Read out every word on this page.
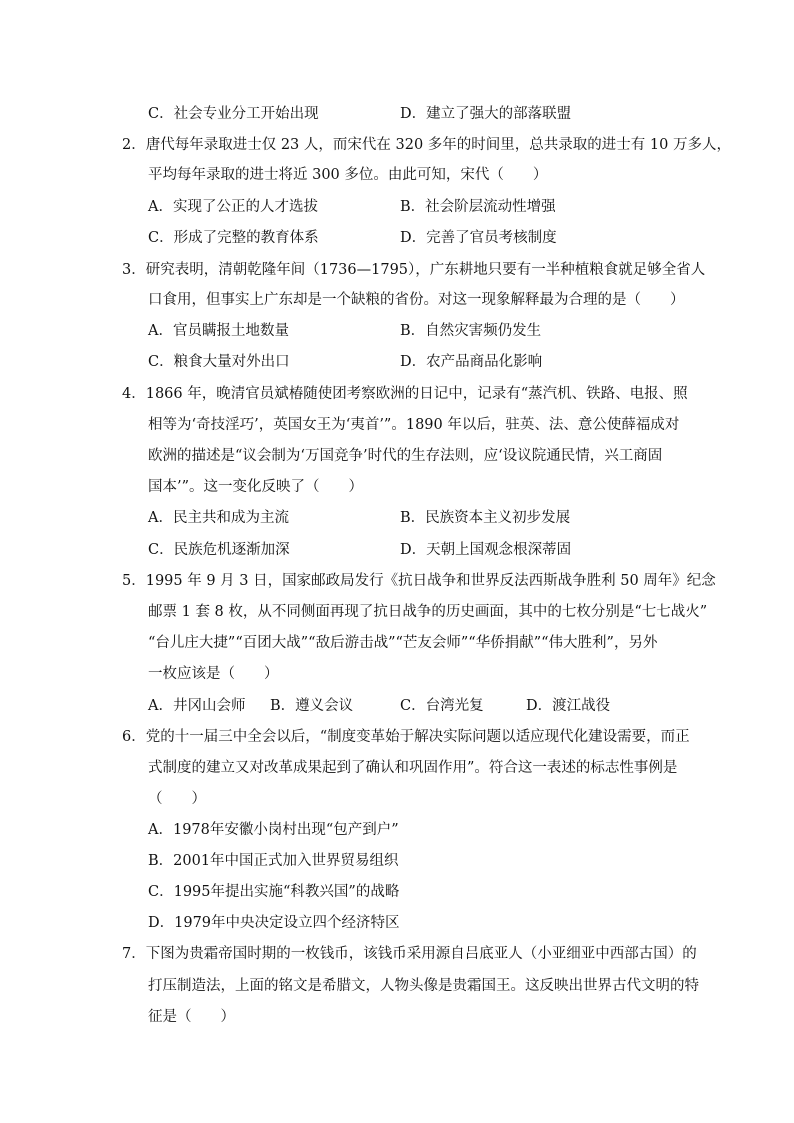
C．社会专业分工开始出现	D．建立了强大的部落联盟
2．唐代每年录取进士仅 23 人，而宋代在 320 多年的时间里，总共录取的进士有 10 万多人，
平均每年录取的进士将近 300 多位。由此可知，宋代（　　）
A．实现了公正的人才选拔	B．社会阶层流动性增强
C．形成了完整的教育体系	D．完善了官员考核制度
3．研究表明，清朝乾隆年间（1736—1795），广东耕地只要有一半种植粮食就足够全省人
口食用，但事实上广东却是一个缺粮的省份。对这一现象解释最为合理的是（　　）
A．官员瞒报土地数量	B．自然灾害频仍发生
C．粮食大量对外出口	D．农产品商品化影响
4．1866 年，晚清官员斌椿随使团考察欧洲的日记中，记录有“蒸汽机、铁路、电报、照
相等为‘奇技淫巧’，英国女王为‘夷首’”。1890 年以后，驻英、法、意公使薛福成对
欧洲的描述是“议会制为‘万国竞争’时代的生存法则，应‘设议院通民情，兴工商固
国本’”。这一变化反映了（　　）
A．民主共和成为主流	B．民族资本主义初步发展
C．民族危机逐渐加深	D．天朝上国观念根深蒂固
5．1995 年 9 月 3 日，国家邮政局发行《抗日战争和世界反法西斯战争胜利 50 周年》纪念
邮票 1 套 8 枚，从不同侧面再现了抗日战争的历史画面，其中的七枚分别是“七七战火”
“台儿庄大捷”“百团大战”“敌后游击战”“芒友会师”“华侨捐献”“伟大胜利”，另外
一枚应该是（　　）
A．井冈山会师 B．遵义会议	C．台湾光复	D．渡江战役
6．党的十一届三中全会以后，“制度变革始于解决实际问题以适应现代化建设需要，而正
式制度的建立又对改革成果起到了确认和巩固作用”。符合这一表述的标志性事例是
（　　）
A．1978年安徽小岗村出现“包产到户”
B．2001年中国正式加入世界贸易组织
C．1995年提出实施“科教兴国”的战略
D．1979年中央决定设立四个经济特区
7．下图为贵霜帝国时期的一枚钱币，该钱币采用源自吕底亚人（小亚细亚中西部古国）的
打压制造法，上面的铭文是希腊文，人物头像是贵霜国王。这反映出世界古代文明的特
征是（　　）
